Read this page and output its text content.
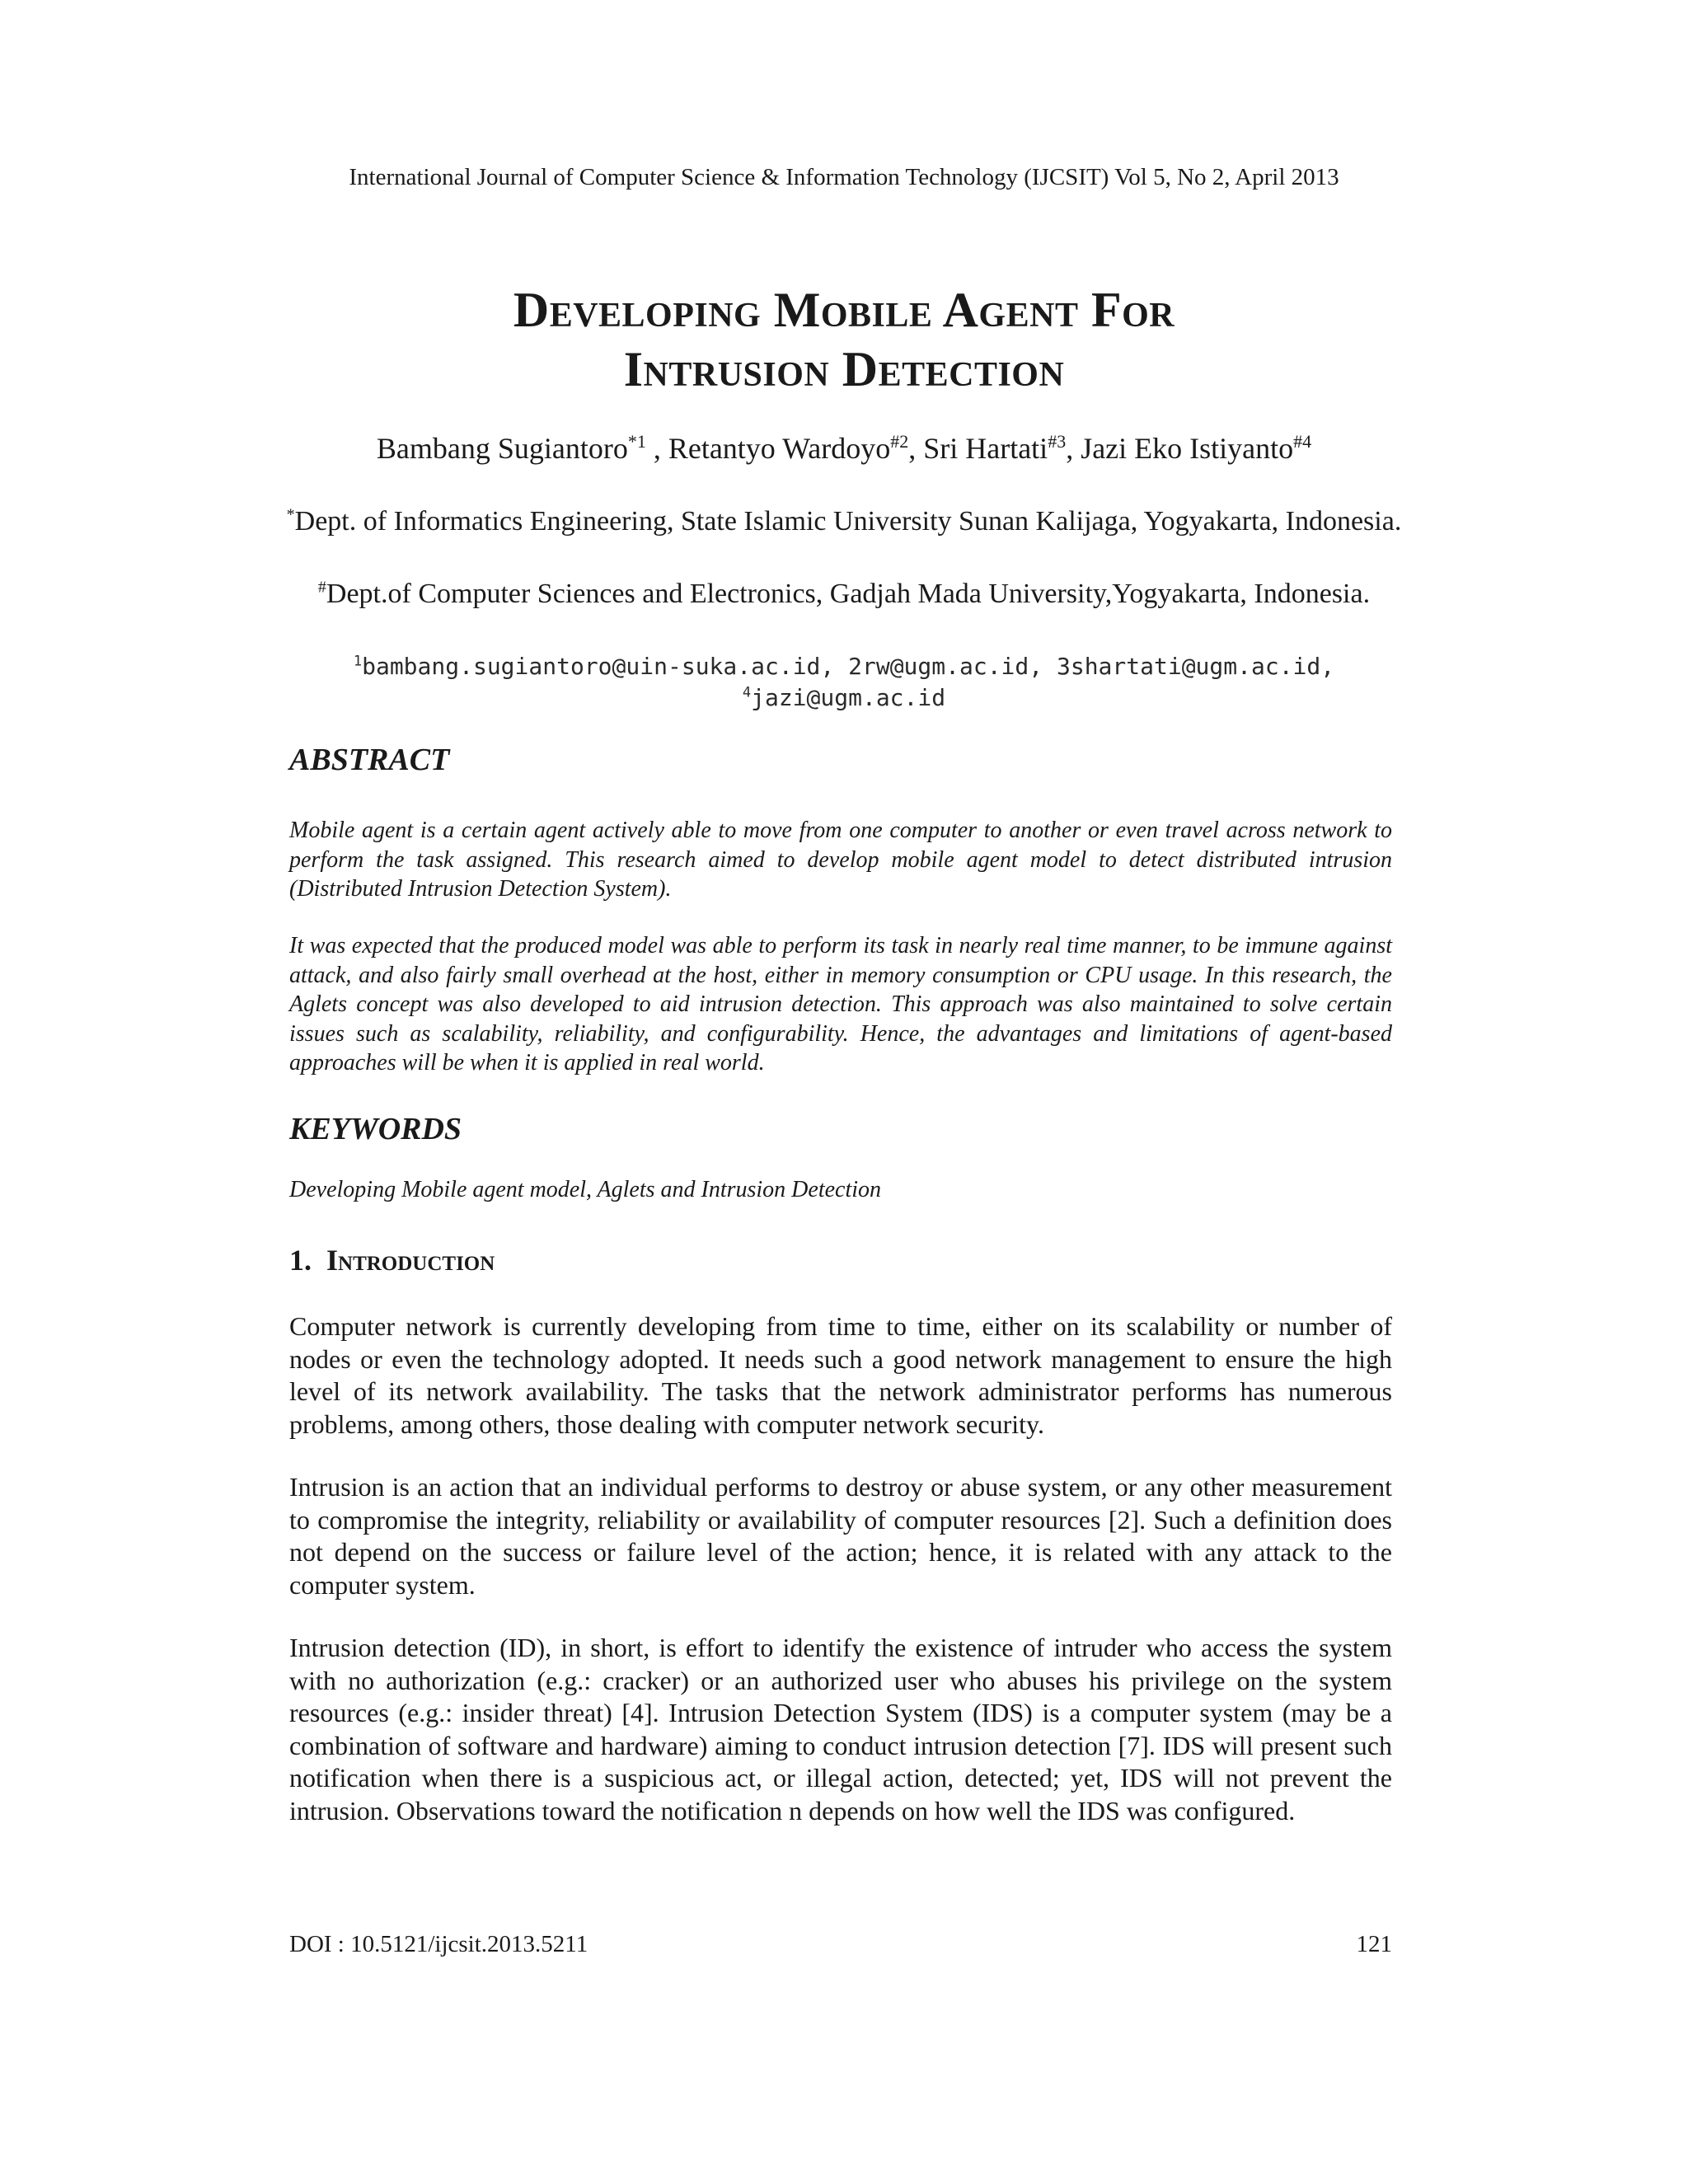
International Journal of Computer Science & Information Technology (IJCSIT) Vol 5, No 2, April 2013
Developing Mobile Agent For
Intrusion Detection
Bambang Sugiantoro$^{*1}$ , Retantyo Wardoyo$^{\#2}$, Sri Hartati$^{\#3}$, Jazi Eko Istiyanto$^{\#4}$
*Dept. of Informatics Engineering, State Islamic University Sunan Kalijaga, Yogyakarta, Indonesia.
#Dept.of Computer Sciences and Electronics, Gadjah Mada University,Yogyakarta, Indonesia.
$^1$bambang.sugiantoro@uin-suka.ac.id, 2rw@ugm.ac.id, 3shartati@ugm.ac.id,
$^4$jazi@ugm.ac.id
ABSTRACT

Mobile agent is a certain agent actively able to move from one computer to another or even travel across network to perform the task assigned. This research aimed to develop mobile agent model to detect distributed intrusion (Distributed Intrusion Detection System).

It was expected that the produced model was able to perform its task in nearly real time manner, to be immune against attack, and also fairly small overhead at the host, either in memory consumption or CPU usage. In this research, the Aglets concept was also developed to aid intrusion detection. This approach was also maintained to solve certain issues such as scalability, reliability, and configurability. Hence, the advantages and limitations of agent-based approaches will be when it is applied in real world.

KEYWORDS

Developing Mobile agent model, Aglets and Intrusion Detection

1. Introduction

Computer network is currently developing from time to time, either on its scalability or number of nodes or even the technology adopted. It needs such a good network management to ensure the high level of its network availability. The tasks that the network administrator performs has numerous problems, among others, those dealing with computer network security.

Intrusion is an action that an individual performs to destroy or abuse system, or any other measurement to compromise the integrity, reliability or availability of computer resources [2]. Such a definition does not depend on the success or failure level of the action; hence, it is related with any attack to the computer system.

Intrusion detection (ID), in short, is effort to identify the existence of intruder who access the system with no authorization (e.g.: cracker) or an authorized user who abuses his privilege on the system resources (e.g.: insider threat) [4]. Intrusion Detection System (IDS) is a computer system (may be a combination of software and hardware) aiming to conduct intrusion detection [7]. IDS will present such notification when there is a suspicious act, or illegal action, detected; yet, IDS will not prevent the intrusion. Observations toward the notification n depends on how well the IDS was configured.

DOI : 10.5121/ijcsit.2013.5211	121
